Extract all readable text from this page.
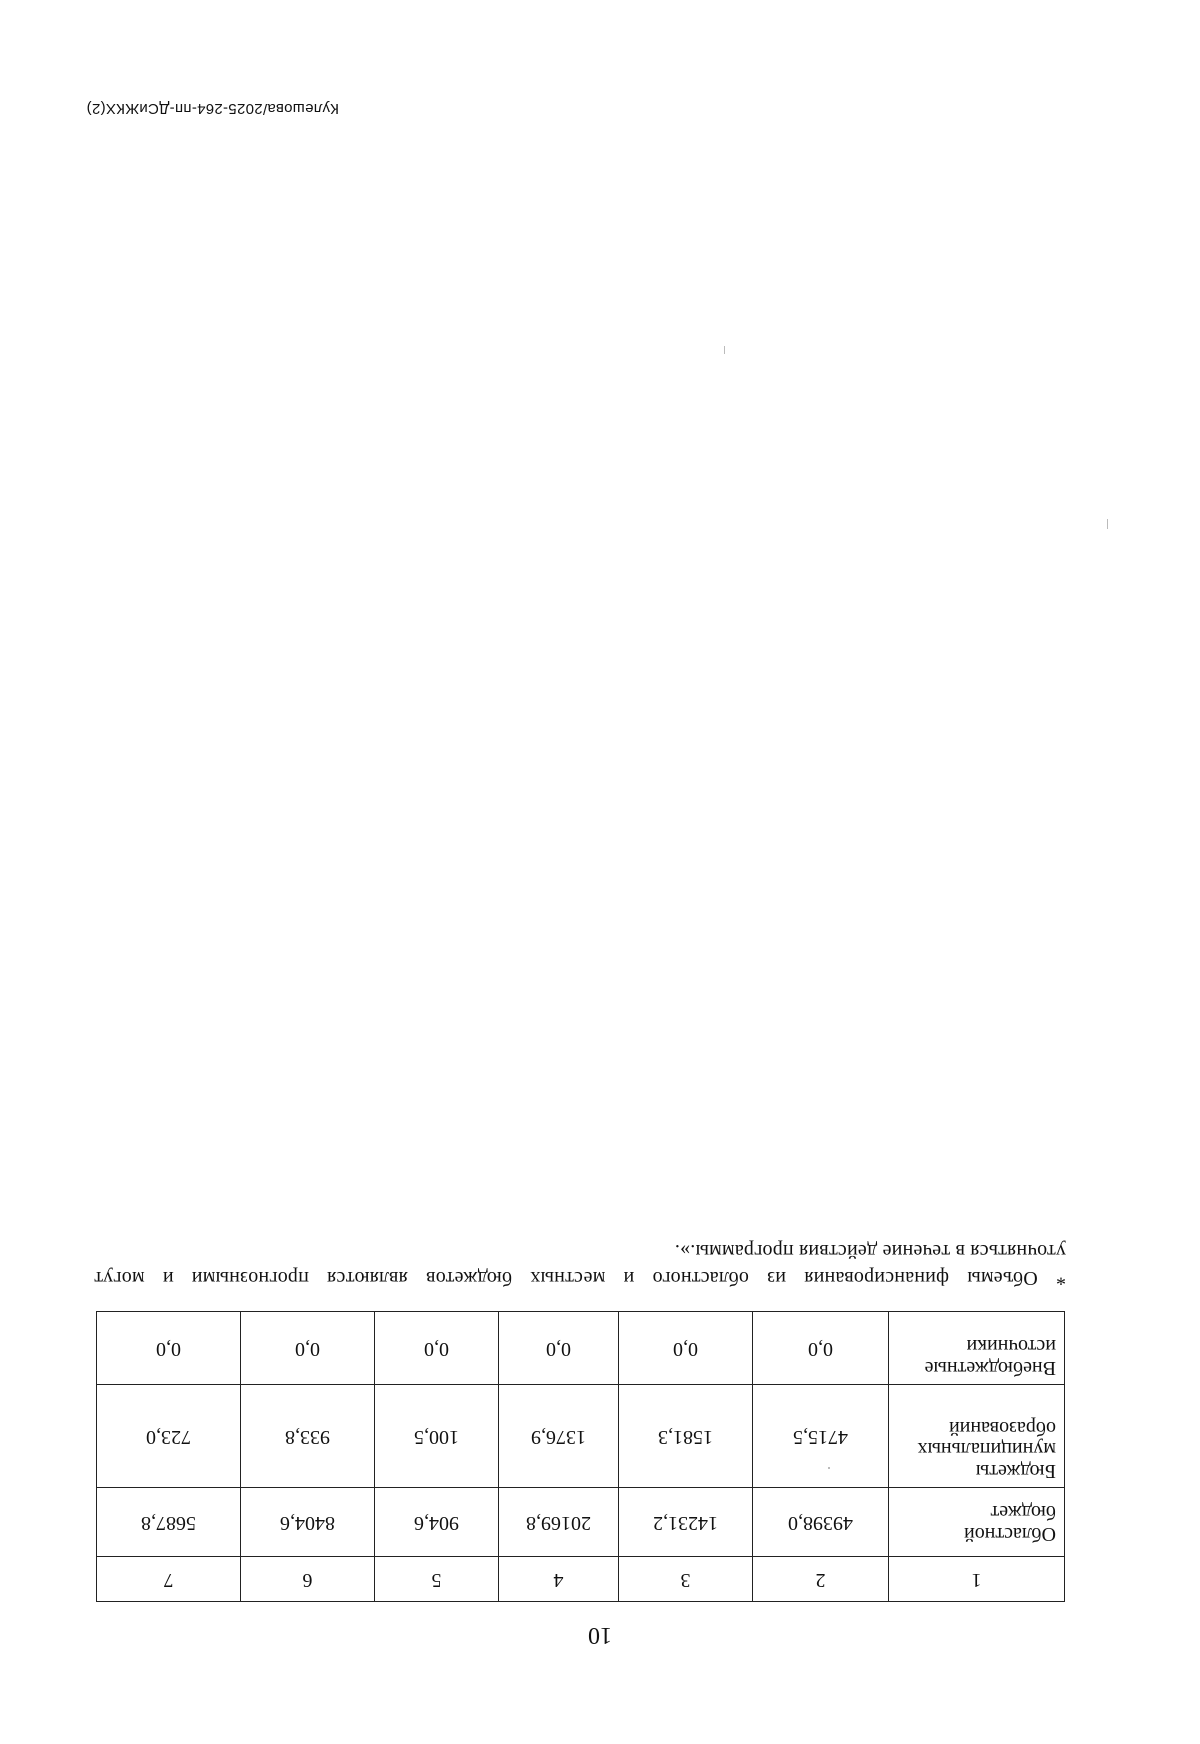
10
1	2	3	4	5	6	7
Областной бюджет	49398,0	14231,2	20169,8	904,6	8404,6	5687,8
Бюджеты муниципальных образований	4715,5	1581,3	1376,9	100,5	933,8	723,0
Внебюджетные источники	0,0	0,0	0,0	0,0	0,0	0,0

* Объемы финансирования из областного и местных бюджетов являются прогнозными и могут

уточняться в течение действия программы.».

Кулешова/2025-264-пп-ДСиЖКХ(2)
